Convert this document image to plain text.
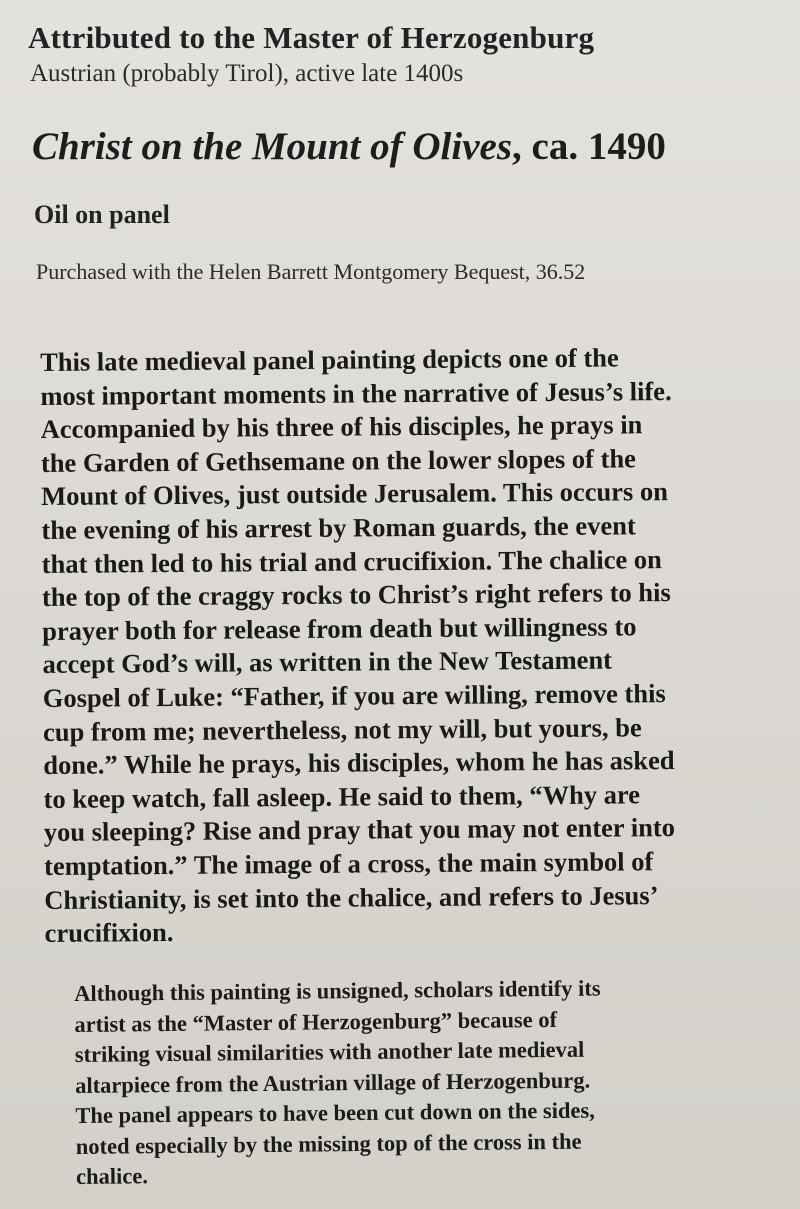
Attributed to the Master of Herzogenburg
Austrian (probably Tirol), active late 1400s
Christ on the Mount of Olives, ca. 1490
Oil on panel
Purchased with the Helen Barrett Montgomery Bequest, 36.52

This late medieval panel painting depicts one of the
most important moments in the narrative of Jesus’s life.
Accompanied by his three of his disciples, he prays in
the Garden of Gethsemane on the lower slopes of the
Mount of Olives, just outside Jerusalem. This occurs on
the evening of his arrest by Roman guards, the event
that then led to his trial and crucifixion. The chalice on
the top of the craggy rocks to Christ’s right refers to his
prayer both for release from death but willingness to
accept God’s will, as written in the New Testament
Gospel of Luke: “Father, if you are willing, remove this
cup from me; nevertheless, not my will, but yours, be
done.” While he prays, his disciples, whom he has asked
to keep watch, fall asleep. He said to them, “Why are
you sleeping? Rise and pray that you may not enter into
temptation.” The image of a cross, the main symbol of
Christianity, is set into the chalice, and refers to Jesus’
crucifixion.

Although this painting is unsigned, scholars identify its
artist as the “Master of Herzogenburg” because of
striking visual similarities with another late medieval
altarpiece from the Austrian village of Herzogenburg.
The panel appears to have been cut down on the sides,
noted especially by the missing top of the cross in the
chalice.
